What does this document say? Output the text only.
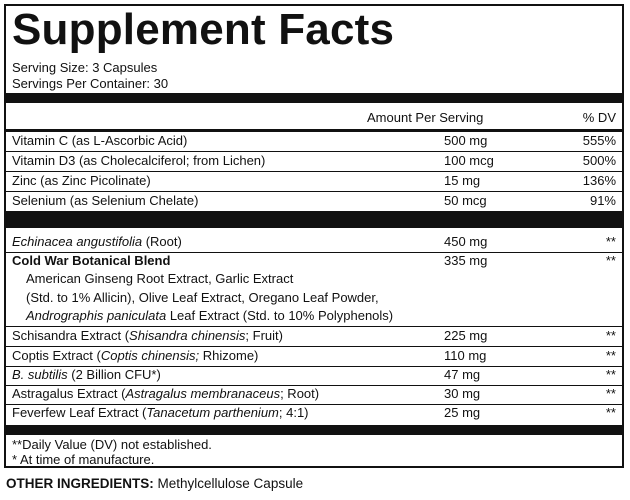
Supplement Facts
Serving Size: 3 Capsules
Servings Per Container: 30
Amount Per Serving	% DV
Vitamin C (as L-Ascorbic Acid)	500 mg	555%
Vitamin D3 (as Cholecalciferol; from Lichen)	100 mcg	500%
Zinc (as Zinc Picolinate)	15 mg	136%
Selenium (as Selenium Chelate)	50 mcg	91%
Echinacea angustifolia (Root)	450 mg	**
Cold War Botanical Blend	335 mg	**
American Ginseng Root Extract, Garlic Extract
(Std. to 1% Allicin), Olive Leaf Extract, Oregano Leaf Powder,
Andrographis paniculata Leaf Extract (Std. to 10% Polyphenols)
Schisandra Extract (Shisandra chinensis; Fruit)	225 mg	**
Coptis Extract (Coptis chinensis; Rhizome)	110 mg	**
B. subtilis (2 Billion CFU*)	47 mg	**
Astragalus Extract (Astragalus membranaceus; Root)	30 mg	**
Feverfew Leaf Extract (Tanacetum parthenium; 4:1)	25 mg	**
**Daily Value (DV) not established.
* At time of manufacture.
OTHER INGREDIENTS: Methylcellulose Capsule
